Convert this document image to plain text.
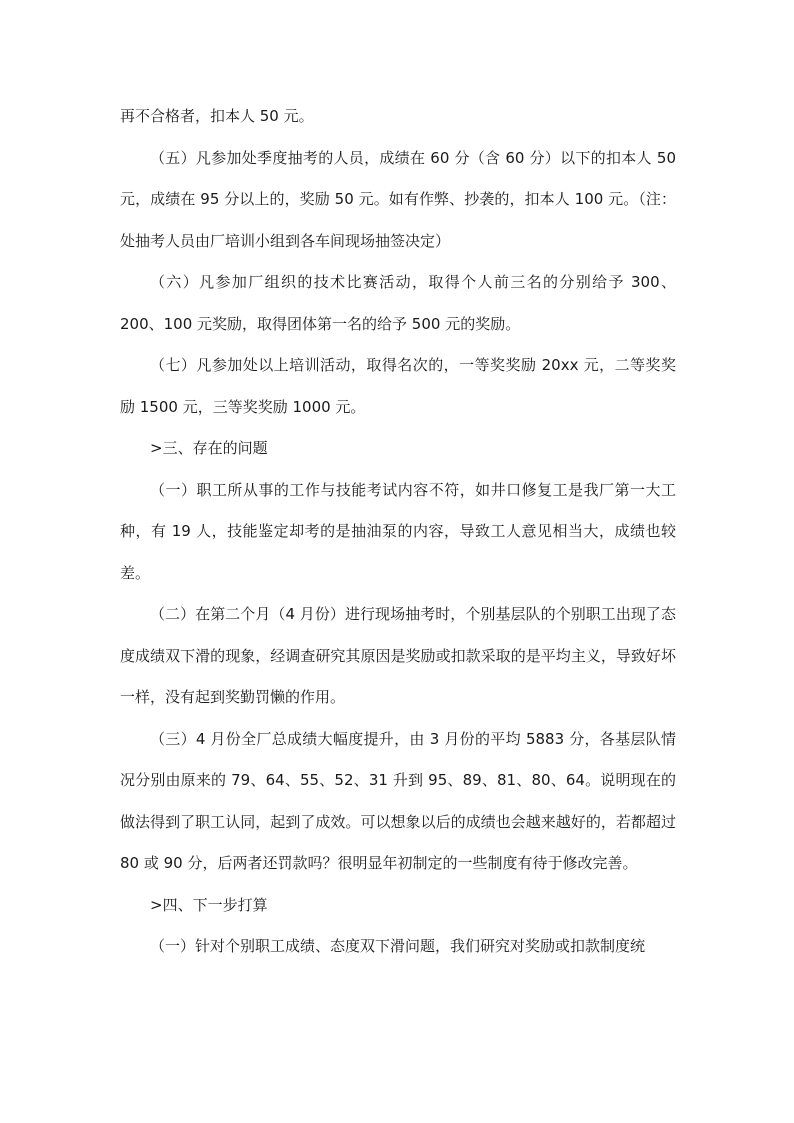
再不合格者，扣本人 50 元。

（五）凡参加处季度抽考的人员，成绩在 60 分（含 60 分）以下的扣本人 50 元，成绩在 95 分以上的，奖励 50 元。如有作弊、抄袭的，扣本人 100 元。（注：处抽考人员由厂培训小组到各车间现场抽签决定）

（六）凡参加厂组织的技术比赛活动，取得个人前三名的分别给予 300、200、100 元奖励，取得团体第一名的给予 500 元的奖励。

（七）凡参加处以上培训活动，取得名次的，一等奖奖励 20xx 元，二等奖奖励 1500 元，三等奖奖励 1000 元。

>三、存在的问题

（一）职工所从事的工作与技能考试内容不符，如井口修复工是我厂第一大工种，有 19 人，技能鉴定却考的是抽油泵的内容，导致工人意见相当大，成绩也较差。

（二）在第二个月（4 月份）进行现场抽考时，个别基层队的个别职工出现了态度成绩双下滑的现象，经调查研究其原因是奖励或扣款采取的是平均主义，导致好坏一样，没有起到奖勤罚懒的作用。

（三）4 月份全厂总成绩大幅度提升，由 3 月份的平均 5883 分，各基层队情况分别由原来的 79、64、55、52、31 升到 95、89、81、80、64。说明现在的做法得到了职工认同，起到了成效。可以想象以后的成绩也会越来越好的，若都超过 80 或 90 分，后两者还罚款吗？很明显年初制定的一些制度有待于修改完善。

>四、下一步打算

（一）针对个别职工成绩、态度双下滑问题，我们研究对奖励或扣款制度统
